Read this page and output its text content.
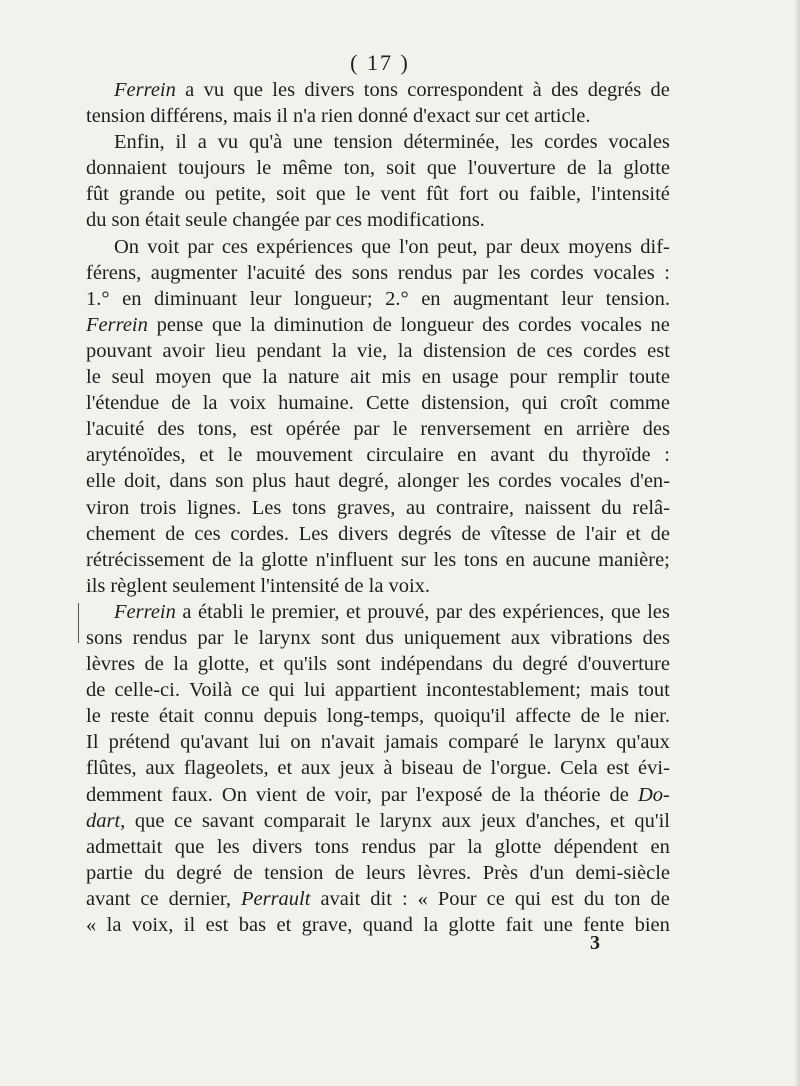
( 17 )
Ferrein a vu que les divers tons correspondent à des degrés de
tension différens, mais il n'a rien donné d'exact sur cet article.
Enfin, il a vu qu'à une tension déterminée, les cordes vocales
donnaient toujours le même ton, soit que l'ouverture de la glotte
fût grande ou petite, soit que le vent fût fort ou faible, l'intensité
du son était seule changée par ces modifications.
On voit par ces expériences que l'on peut, par deux moyens dif-
férens, augmenter l'acuité des sons rendus par les cordes vocales :
1.° en diminuant leur longueur; 2.° en augmentant leur tension.
Ferrein pense que la diminution de longueur des cordes vocales ne
pouvant avoir lieu pendant la vie, la distension de ces cordes est
le seul moyen que la nature ait mis en usage pour remplir toute
l'étendue de la voix humaine. Cette distension, qui croît comme
l'acuité des tons, est opérée par le renversement en arrière des
aryténoïdes, et le mouvement circulaire en avant du thyroïde :
elle doit, dans son plus haut degré, alonger les cordes vocales d'en-
viron trois lignes. Les tons graves, au contraire, naissent du relâ-
chement de ces cordes. Les divers degrés de vîtesse de l'air et de
rétrécissement de la glotte n'influent sur les tons en aucune manière;
ils règlent seulement l'intensité de la voix.
Ferrein a établi le premier, et prouvé, par des expériences, que les
sons rendus par le larynx sont dus uniquement aux vibrations des
lèvres de la glotte, et qu'ils sont indépendans du degré d'ouverture
de celle-ci. Voilà ce qui lui appartient incontestablement; mais tout
le reste était connu depuis long-temps, quoiqu'il affecte de le nier.
Il prétend qu'avant lui on n'avait jamais comparé le larynx qu'aux
flûtes, aux flageolets, et aux jeux à biseau de l'orgue. Cela est évi-
demment faux. On vient de voir, par l'exposé de la théorie de Do-
dart, que ce savant comparait le larynx aux jeux d'anches, et qu'il
admettait que les divers tons rendus par la glotte dépendent en
partie du degré de tension de leurs lèvres. Près d'un demi-siècle
avant ce dernier, Perrault avait dit : « Pour ce qui est du ton de
« la voix, il est bas et grave, quand la glotte fait une fente bien
3
